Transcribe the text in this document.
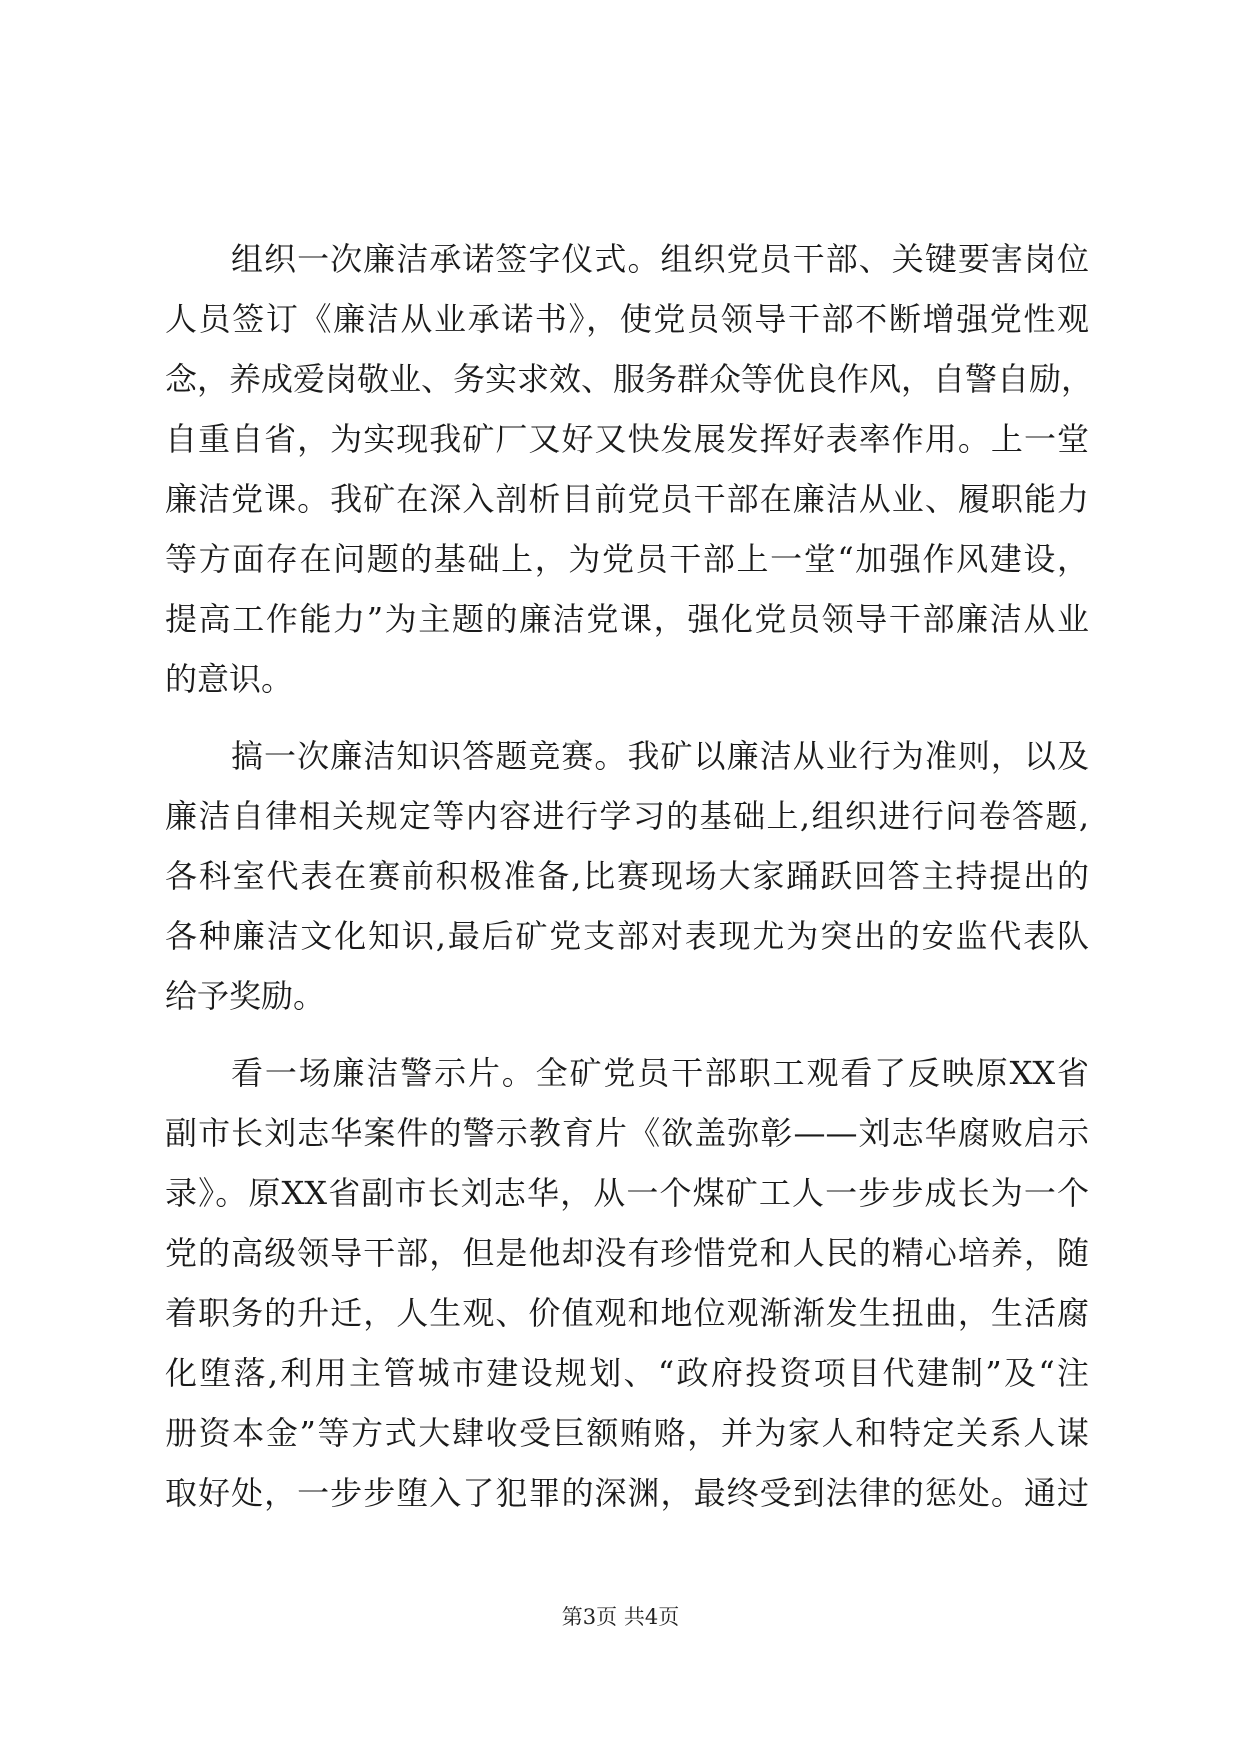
组织一次廉洁承诺签字仪式。组织党员干部、关键要害岗位
人员签订《廉洁从业承诺书》，使党员领导干部不断增强党性观
念，养成爱岗敬业、务实求效、服务群众等优良作风，自警自励，
自重自省，为实现我矿厂又好又快发展发挥好表率作用。上一堂
廉洁党课。我矿在深入剖析目前党员干部在廉洁从业、履职能力
等方面存在问题的基础上，为党员干部上一堂“加强作风建设，
提高工作能力”为主题的廉洁党课，强化党员领导干部廉洁从业
的意识。
搞一次廉洁知识答题竞赛。我矿以廉洁从业行为准则，以及
廉洁自律相关规定等内容进行学习的基础上,组织进行问卷答题,
各科室代表在赛前积极准备,比赛现场大家踊跃回答主持提出的
各种廉洁文化知识,最后矿党支部对表现尤为突出的安监代表队
给予奖励。
看一场廉洁警示片。全矿党员干部职工观看了反映原XX省
副市长刘志华案件的警示教育片《欲盖弥彰——刘志华腐败启示
录》。原XX省副市长刘志华，从一个煤矿工人一步步成长为一个
党的高级领导干部，但是他却没有珍惜党和人民的精心培养，随
着职务的升迁，人生观、价值观和地位观渐渐发生扭曲，生活腐
化堕落,利用主管城市建设规划、“政府投资项目代建制”及“注
册资本金”等方式大肆收受巨额贿赂，并为家人和特定关系人谋
取好处，一步步堕入了犯罪的深渊，最终受到法律的惩处。通过
第3页 共4页
